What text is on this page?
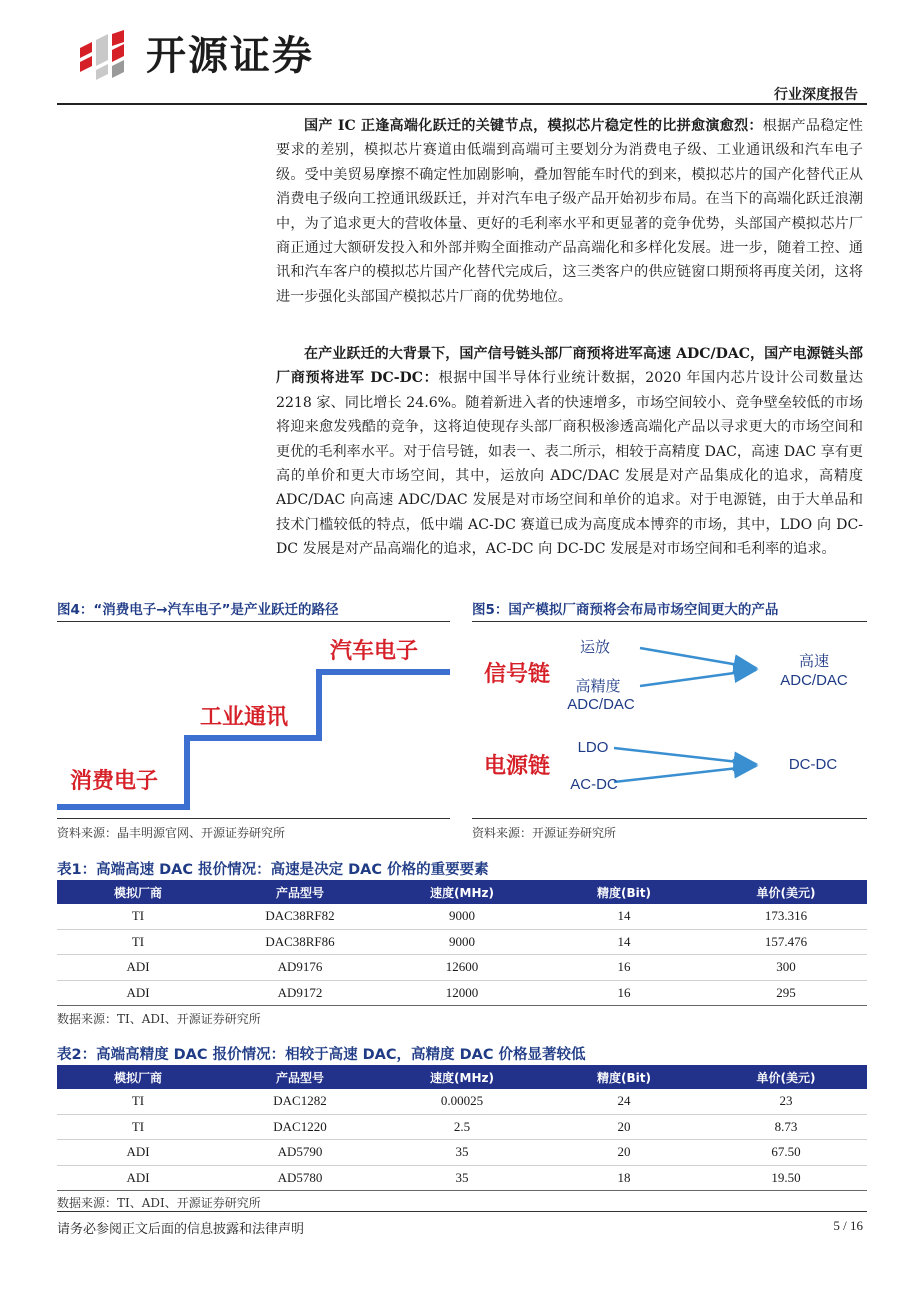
开源证券
行业深度报告

国产 IC 正逢高端化跃迁的关键节点，模拟芯片稳定性的比拼愈演愈烈：根据产品稳定性要求的差别，模拟芯片赛道由低端到高端可主要划分为消费电子级、工业通讯级和汽车电子级。受中美贸易摩擦不确定性加剧影响，叠加智能车时代的到来，模拟芯片的国产化替代正从消费电子级向工控通讯级跃迁，并对汽车电子级产品开始初步布局。在当下的高端化跃迁浪潮中，为了追求更大的营收体量、更好的毛利率水平和更显著的竞争优势，头部国产模拟芯片厂商正通过大额研发投入和外部并购全面推动产品高端化和多样化发展。进一步，随着工控、通讯和汽车客户的模拟芯片国产化替代完成后，这三类客户的供应链窗口期预将再度关闭，这将进一步强化头部国产模拟芯片厂商的优势地位。

在产业跃迁的大背景下，国产信号链头部厂商预将进军高速 ADC/DAC，国产电源链头部厂商预将进军 DC-DC：根据中国半导体行业统计数据，2020 年国内芯片设计公司数量达 2218 家、同比增长 24.6%。随着新进入者的快速增多，市场空间较小、竞争壁垒较低的市场将迎来愈发残酷的竞争，这将迫使现存头部厂商积极渗透高端化产品以寻求更大的市场空间和更优的毛利率水平。对于信号链，如表一、表二所示，相较于高精度 DAC，高速 DAC 享有更高的单价和更大市场空间，其中，运放向 ADC/DAC 发展是对产品集成化的追求，高精度 ADC/DAC 向高速 ADC/DAC 发展是对市场空间和单价的追求。对于电源链，由于大单品和技术门槛较低的特点，低中端 AC-DC 赛道已成为高度成本博弈的市场，其中，LDO 向 DC-DC 发展是对产品高端化的追求，AC-DC 向 DC-DC 发展是对市场空间和毛利率的追求。

图4：“消费电子→汽车电子”是产业跃迁的路径
消费电子
工业通讯
汽车电子
资料来源：晶丰明源官网、开源证券研究所
图5：国产模拟厂商预将会布局市场空间更大的产品
信号链
运放
高精度
ADC/DAC
高速
ADC/DAC
电源链
LDO
AC-DC
DC-DC
资料来源：开源证券研究所
表1：高端高速 DAC 报价情况：高速是决定 DAC 价格的重要要素
模拟厂商	产品型号	速度(MHz)	精度(Bit)	单价(美元)
TI	DAC38RF82	9000	14	173.316
TI	DAC38RF86	9000	14	157.476
ADI	AD9176	12600	16	300
ADI	AD9172	12000	16	295
数据来源：TI、ADI、开源证券研究所
表2：高端高精度 DAC 报价情况：相较于高速 DAC，高精度 DAC 价格显著较低
模拟厂商	产品型号	速度(MHz)	精度(Bit)	单价(美元)
TI	DAC1282	0.00025	24	23
TI	DAC1220	2.5	20	8.73
ADI	AD5790	35	20	67.50
ADI	AD5780	35	18	19.50
数据来源：TI、ADI、开源证券研究所
请务必参阅正文后面的信息披露和法律声明	5 / 16
